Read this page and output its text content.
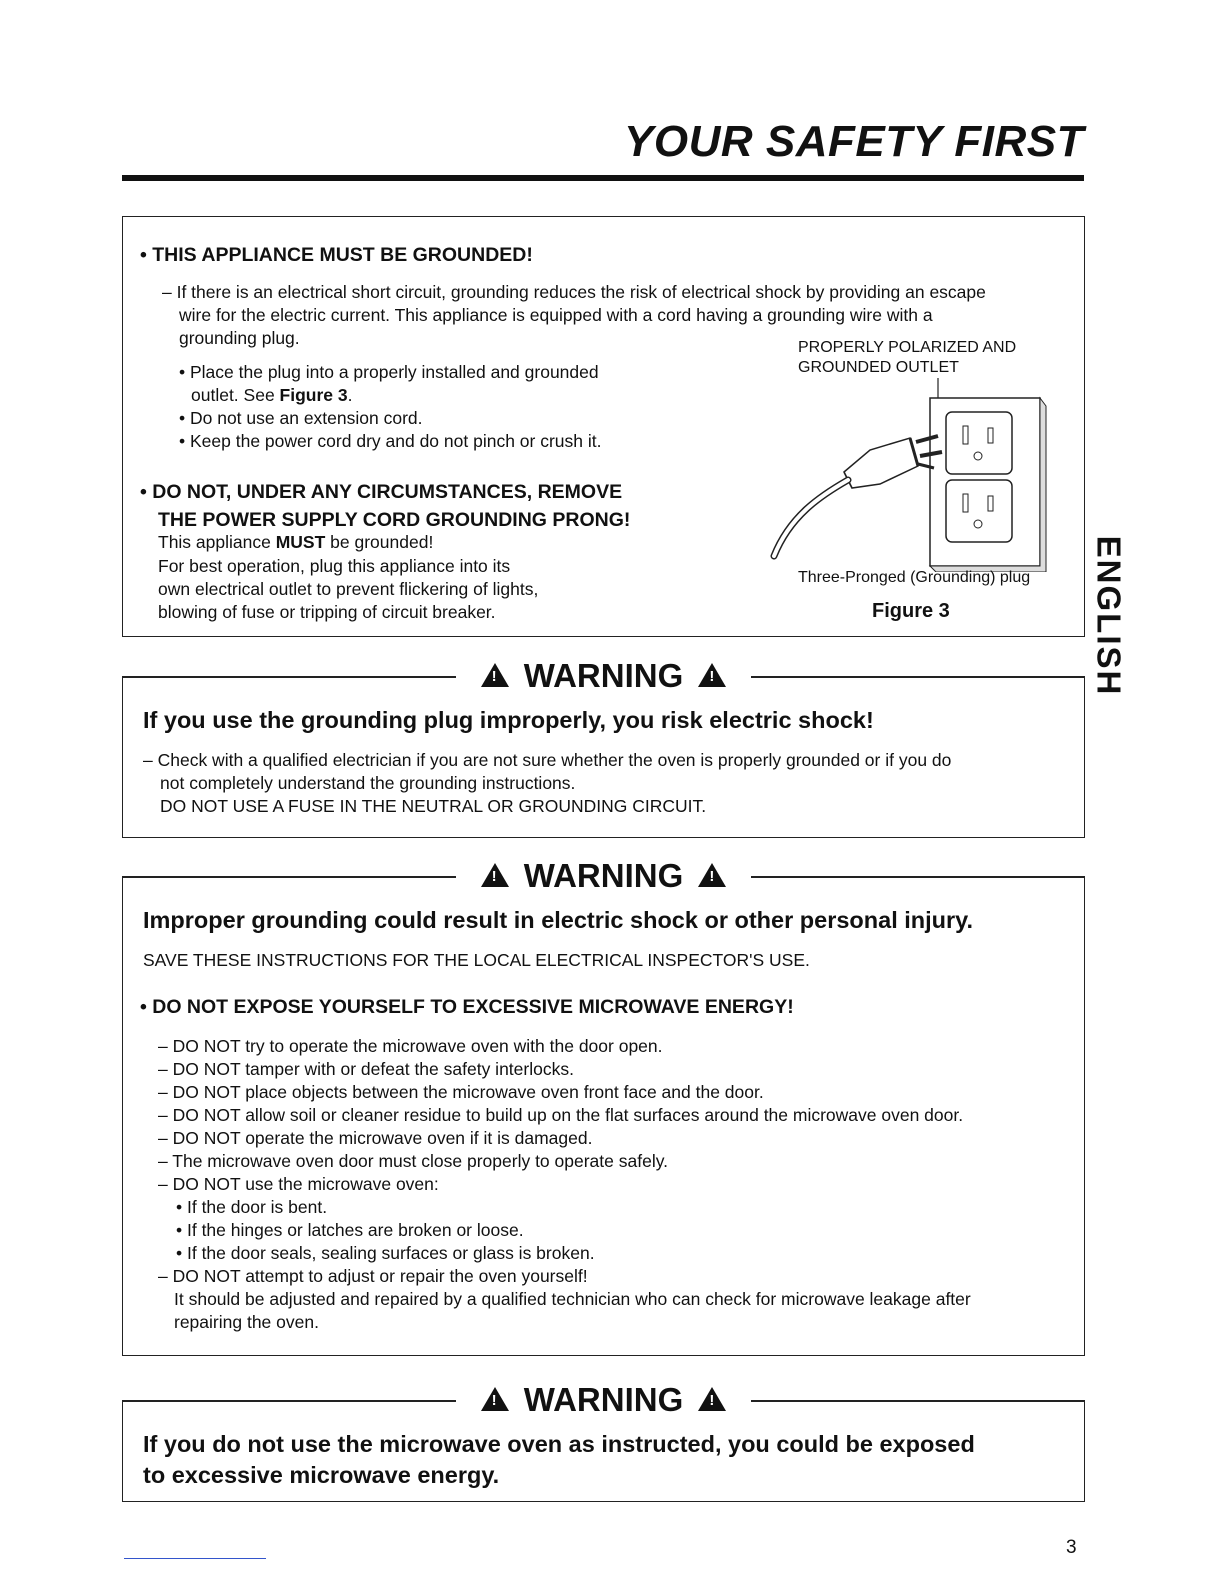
YOUR SAFETY FIRST
• THIS APPLIANCE MUST BE GROUNDED!
– If there is an electrical short circuit, grounding reduces the risk of electrical shock by providing an escape
wire for the electric current. This appliance is equipped with a cord having a grounding wire with a
grounding plug.
• Place the plug into a properly installed and grounded
outlet. See Figure 3.
• Do not use an extension cord.
• Keep the power cord dry and do not pinch or crush it.
• DO NOT, UNDER ANY CIRCUMSTANCES, REMOVE
THE POWER SUPPLY CORD GROUNDING PRONG!
This appliance MUST be grounded!
For best operation, plug this appliance into its
own electrical outlet to prevent flickering of lights,
blowing of fuse or tripping of circuit breaker.
PROPERLY POLARIZED AND
GROUNDED OUTLET
Three-Pronged (Grounding) plug
Figure 3
! WARNING !
If you use the grounding plug improperly, you risk electric shock!
– Check with a qualified electrician if you are not sure whether the oven is properly grounded or if you do
not completely understand the grounding instructions.
DO NOT USE A FUSE IN THE NEUTRAL OR GROUNDING CIRCUIT.
! WARNING !
Improper grounding could result in electric shock or other personal injury.
SAVE THESE INSTRUCTIONS FOR THE LOCAL ELECTRICAL INSPECTOR'S USE.
• DO NOT EXPOSE YOURSELF TO EXCESSIVE MICROWAVE ENERGY!
– DO NOT try to operate the microwave oven with the door open.
– DO NOT tamper with or defeat the safety interlocks.
– DO NOT place objects between the microwave oven front face and the door.
– DO NOT allow soil or cleaner residue to build up on the flat surfaces around the microwave oven door.
– DO NOT operate the microwave oven if it is damaged.
– The microwave oven door must close properly to operate safely.
– DO NOT use the microwave oven:
• If the door is bent.
• If the hinges or latches are broken or loose.
• If the door seals, sealing surfaces or glass is broken.
– DO NOT attempt to adjust or repair the oven yourself!
It should be adjusted and repaired by a qualified technician who can check for microwave leakage after
repairing the oven.
! WARNING !
If you do not use the microwave oven as instructed, you could be exposed
to excessive microwave energy.
ENGLISH
3
